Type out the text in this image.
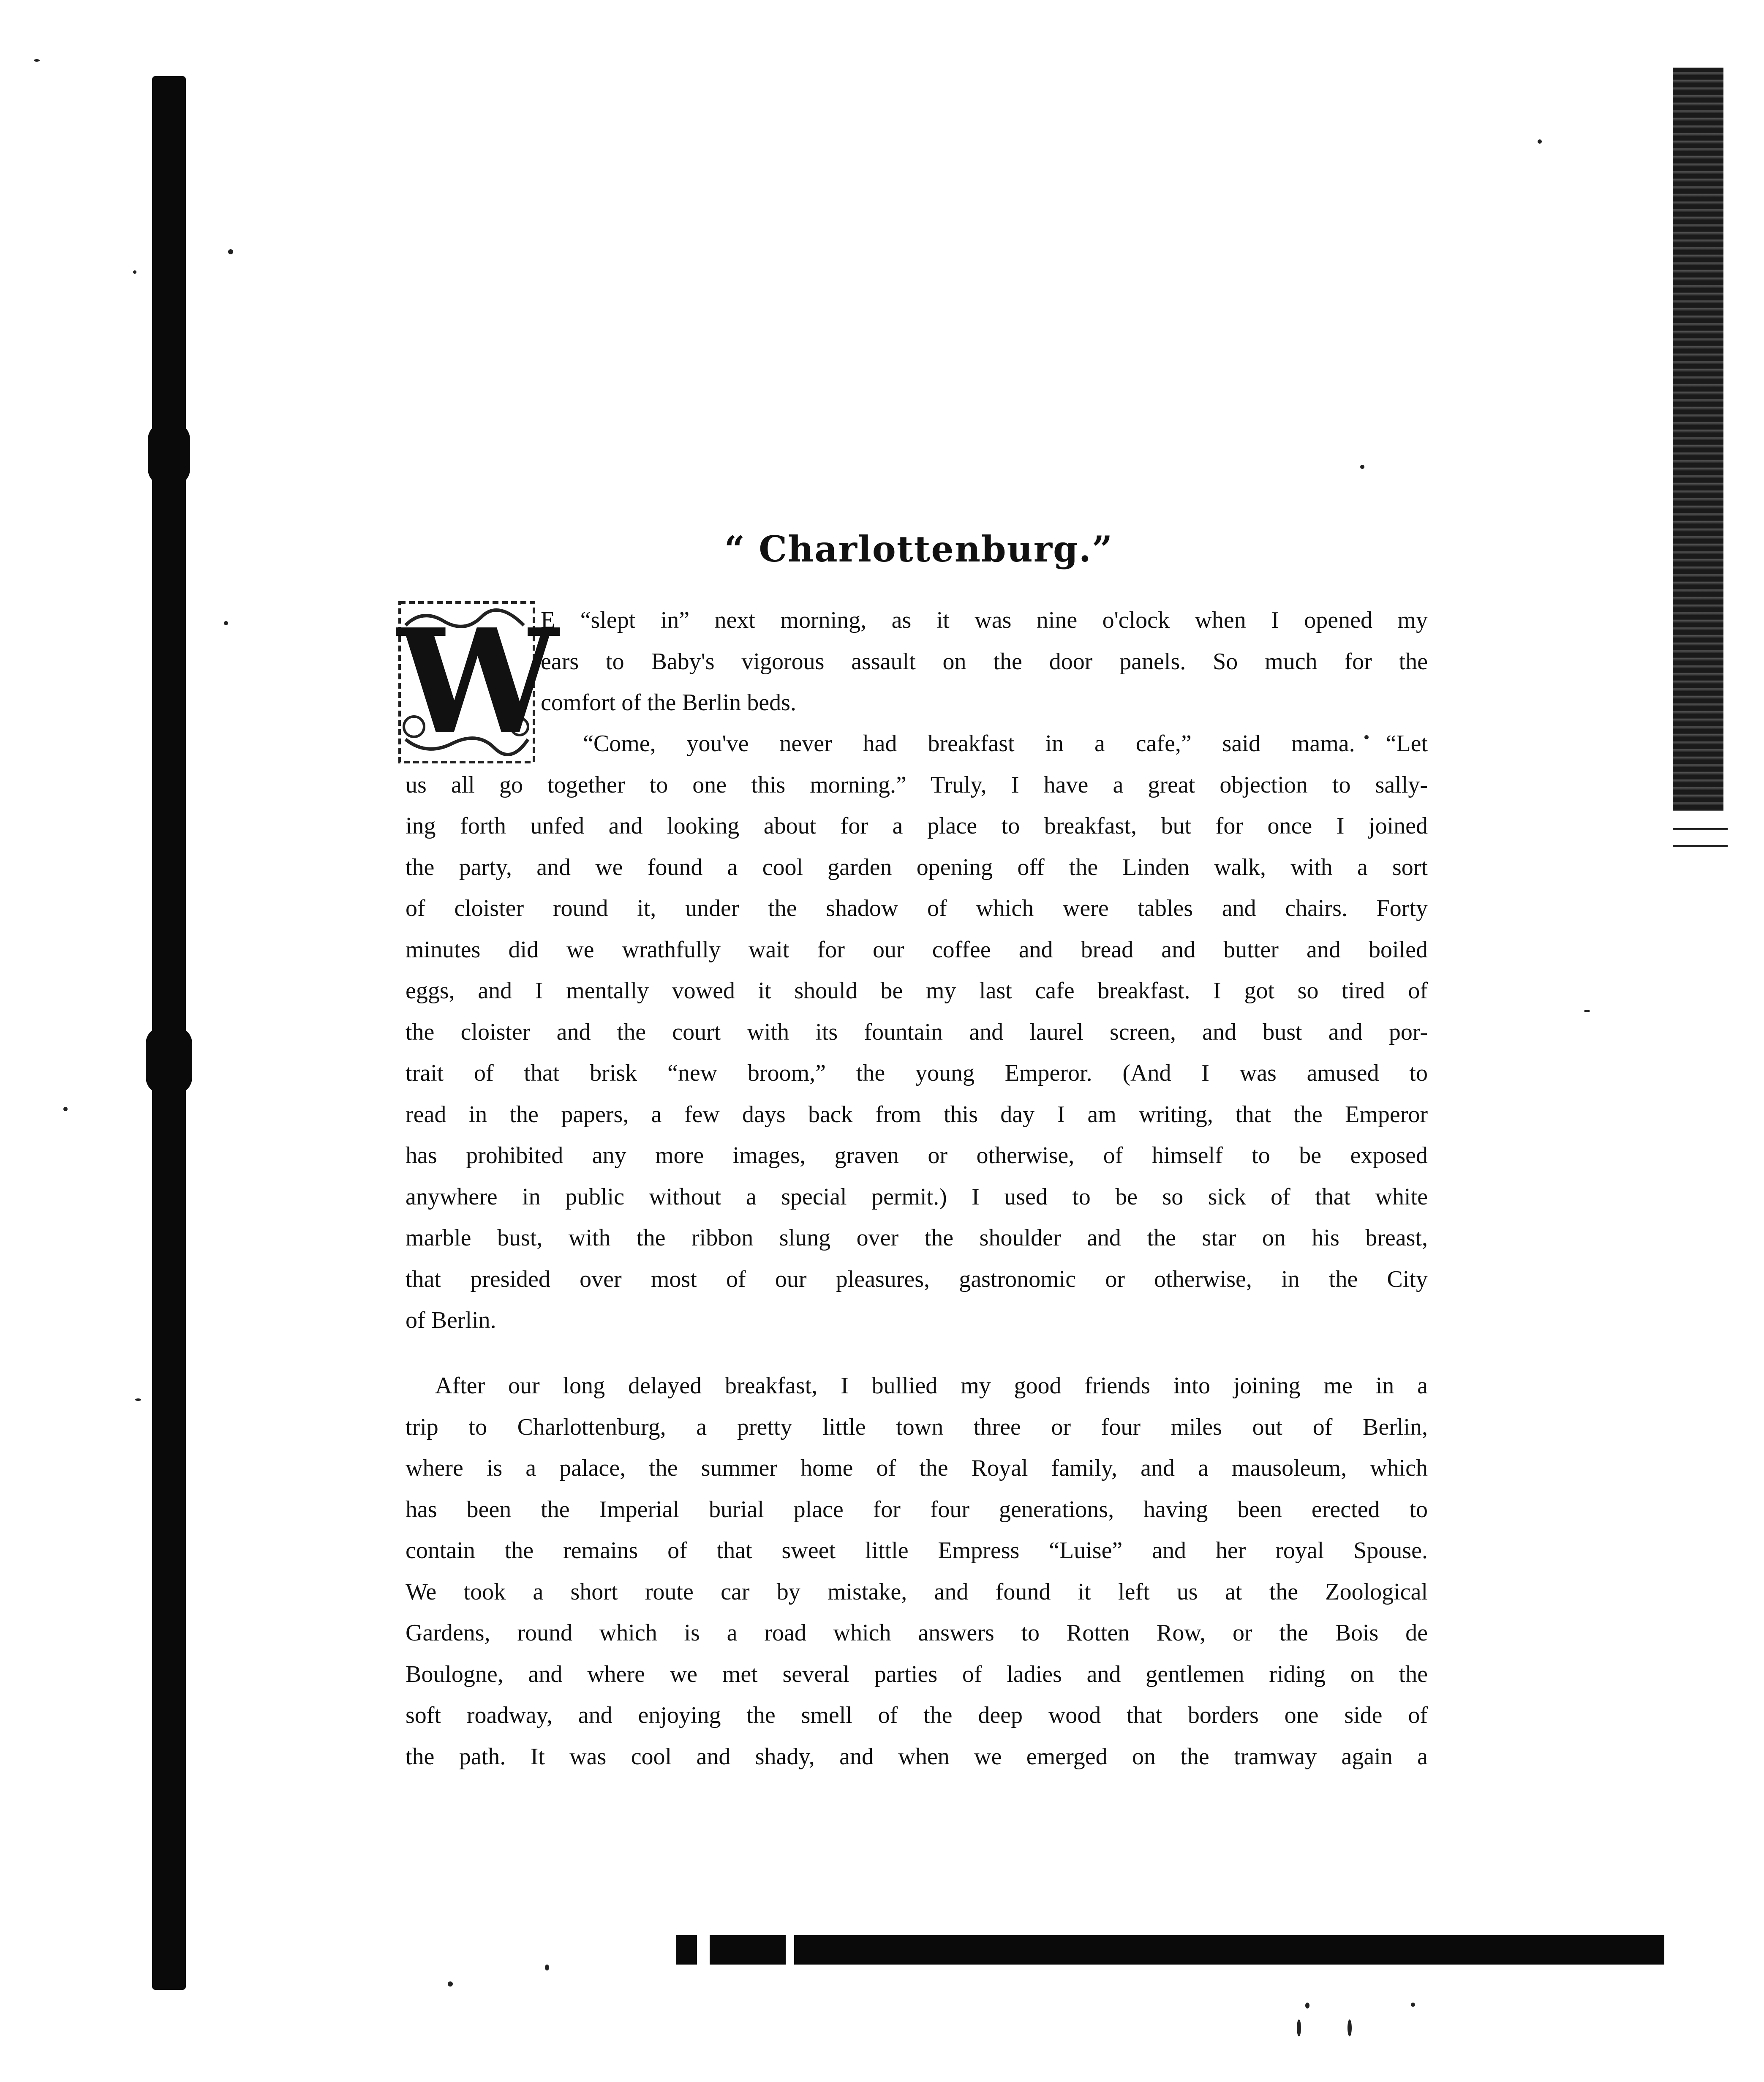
“ Charlottenburg.”
W
E “slept in” next morning, as it was nine o'clock when I opened my
ears to Baby's vigorous assault on the door panels. So much for the
comfort of the Berlin beds.
“Come, you've never had breakfast in a cafe,” said mama. “Let
us all go together to one this morning.” Truly, I have a great objection to sally-
ing forth unfed and looking about for a place to breakfast, but for once I joined
the party, and we found a cool garden opening off the Linden walk, with a sort
of cloister round it, under the shadow of which were tables and chairs. Forty
minutes did we wrathfully wait for our coffee and bread and butter and boiled
eggs, and I mentally vowed it should be my last cafe breakfast. I got so tired of
the cloister and the court with its fountain and laurel screen, and bust and por-
trait of that brisk “new broom,” the young Emperor. (And I was amused to
read in the papers, a few days back from this day I am writing, that the Emperor
has prohibited any more images, graven or otherwise, of himself to be exposed
anywhere in public without a special permit.) I used to be so sick of that white
marble bust, with the ribbon slung over the shoulder and the star on his breast,
that presided over most of our pleasures, gastronomic or otherwise, in the City
of Berlin.
After our long delayed breakfast, I bullied my good friends into joining me in a
trip to Charlottenburg, a pretty little town three or four miles out of Berlin,
where is a palace, the summer home of the Royal family, and a mausoleum, which
has been the Imperial burial place for four generations, having been erected to
contain the remains of that sweet little Empress “Luise” and her royal Spouse.
We took a short route car by mistake, and found it left us at the Zoological
Gardens, round which is a road which answers to Rotten Row, or the Bois de
Boulogne, and where we met several parties of ladies and gentlemen riding on the
soft roadway, and enjoying the smell of the deep wood that borders one side of
the path. It was cool and shady, and when we emerged on the tramway again a
